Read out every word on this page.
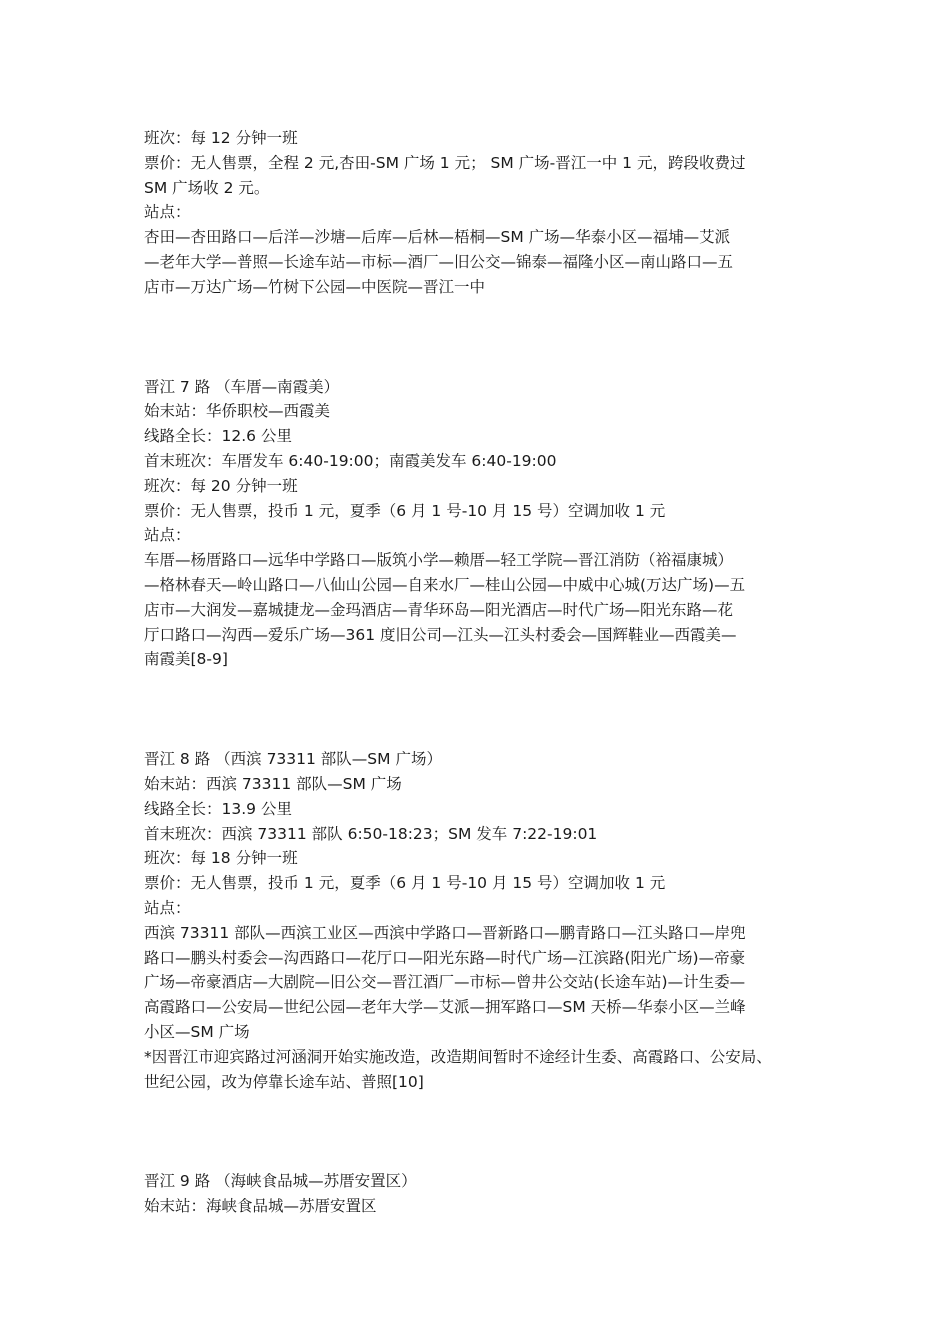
班次：每 12 分钟一班

票价：无人售票，全程 2 元,杏田-SM 广场 1 元； SM 广场-晋江一中 1 元，跨段收费过

SM 广场收 2 元。

站点：

杏田—杏田路口—后洋—沙塘—后库—后林—梧桐—SM 广场—华泰小区—福埔—艾派

—老年大学—普照—长途车站—市标—酒厂—旧公交—锦泰—福隆小区—南山路口—五

店市—万达广场—竹树下公园—中医院—晋江一中

晋江 7 路 （车厝—南霞美）

始末站：华侨职校—西霞美

线路全长：12.6 公里

首末班次：车厝发车 6:40-19:00；南霞美发车 6:40-19:00

班次：每 20 分钟一班

票价：无人售票，投币 1 元，夏季（6 月 1 号-10 月 15 号）空调加收 1 元

站点：

车厝—杨厝路口—远华中学路口—版筑小学—赖厝—轻工学院—晋江消防（裕福康城）

—格林春天—岭山路口—八仙山公园—自来水厂—桂山公园—中威中心城(万达广场)—五

店市—大润发—嘉城捷龙—金玛酒店—青华环岛—阳光酒店—时代广场—阳光东路—花

厅口路口—沟西—爱乐广场—361 度旧公司—江头—江头村委会—国辉鞋业—西霞美—

南霞美[8-9]

晋江 8 路 （西滨 73311 部队—SM 广场）

始末站：西滨 73311 部队—SM 广场

线路全长：13.9 公里

首末班次：西滨 73311 部队 6:50-18:23；SM 发车 7:22-19:01

班次：每 18 分钟一班

票价：无人售票，投币 1 元，夏季（6 月 1 号-10 月 15 号）空调加收 1 元

站点：

西滨 73311 部队—西滨工业区—西滨中学路口—晋新路口—鹏青路口—江头路口—岸兜

路口—鹏头村委会—沟西路口—花厅口—阳光东路—时代广场—江滨路(阳光广场)—帝豪

广场—帝豪酒店—大剧院—旧公交—晋江酒厂—市标—曾井公交站(长途车站)—计生委—

高霞路口—公安局—世纪公园—老年大学—艾派—拥军路口—SM 天桥—华泰小区—兰峰

小区—SM 广场

*因晋江市迎宾路过河涵洞开始实施改造，改造期间暂时不途经计生委、高霞路口、公安局、

世纪公园，改为停靠长途车站、普照[10]

晋江 9 路 （海峡食品城—苏厝安置区）

始末站：海峡食品城—苏厝安置区
